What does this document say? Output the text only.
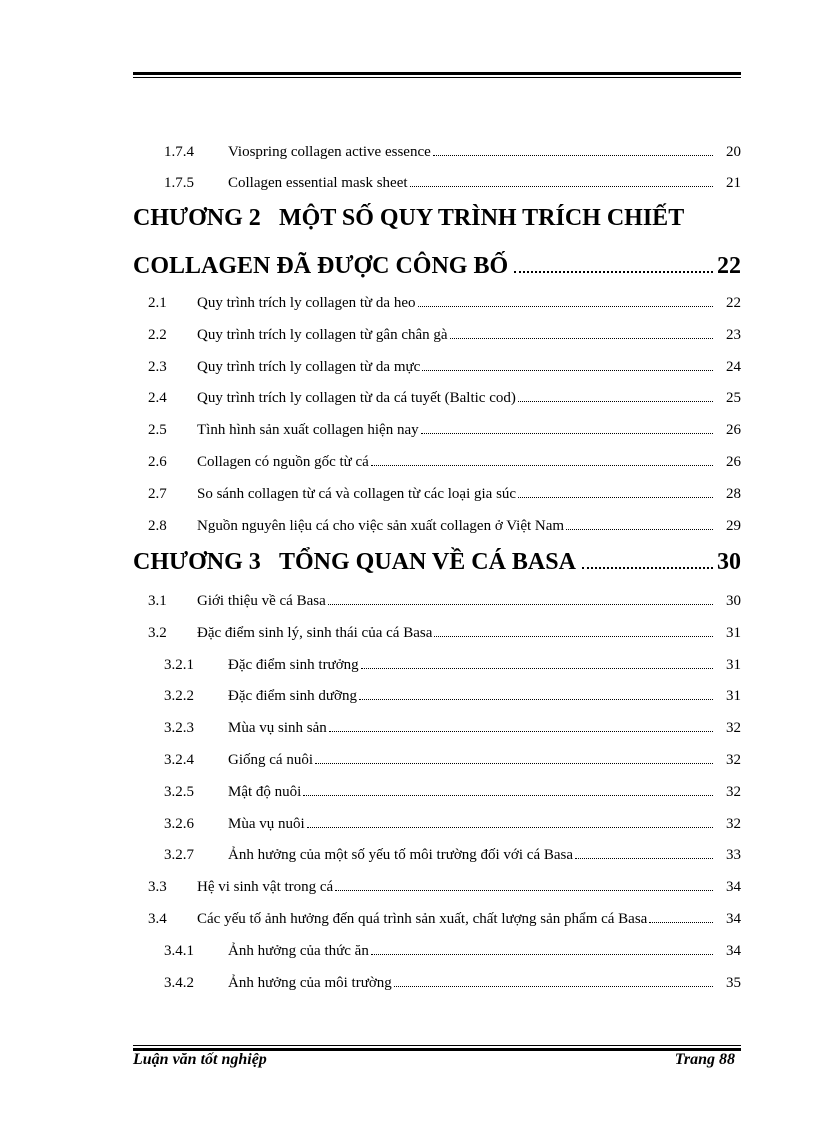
1.7.4 Viospring collagen active essence	20
1.7.5 Collagen essential mask sheet	21
CHƯƠNG 2 MỘT SỐ QUY TRÌNH TRÍCH CHIẾT
COLLAGEN ĐÃ ĐƯỢC CÔNG BỐ	22
2.1 Quy trình trích ly collagen từ da heo	22
2.2 Quy trình trích ly collagen từ gân chân gà	23
2.3 Quy trình trích ly collagen từ da mực	24
2.4 Quy trình trích ly collagen từ da cá tuyết (Baltic cod)	25
2.5 Tình hình sản xuất collagen hiện nay	26
2.6 Collagen có nguồn gốc từ cá	26
2.7 So sánh collagen từ cá và collagen từ các loại gia súc	28
2.8 Nguồn nguyên liệu cá cho việc sản xuất collagen ở Việt Nam	29
CHƯƠNG 3 TỔNG QUAN VỀ CÁ BASA	30
3.1 Giới thiệu về cá Basa	30
3.2 Đặc điểm sinh lý, sinh thái của cá Basa	31
3.2.1 Đặc điểm sinh trưởng	31
3.2.2 Đặc điểm sinh dưỡng	31
3.2.3 Mùa vụ sinh sản	32
3.2.4 Giống cá nuôi	32
3.2.5 Mật độ nuôi	32
3.2.6 Mùa vụ nuôi	32
3.2.7 Ảnh hưởng của một số yếu tố môi trường đối với cá Basa	33
3.3 Hệ vi sinh vật trong cá	34
3.4 Các yếu tố ảnh hưởng đến quá trình sản xuất, chất lượng sản phẩm cá Basa	34
3.4.1 Ảnh hưởng của thức ăn	34
3.4.2 Ảnh hưởng của môi trường	35
Luận văn tốt nghiệp	Trang 88
